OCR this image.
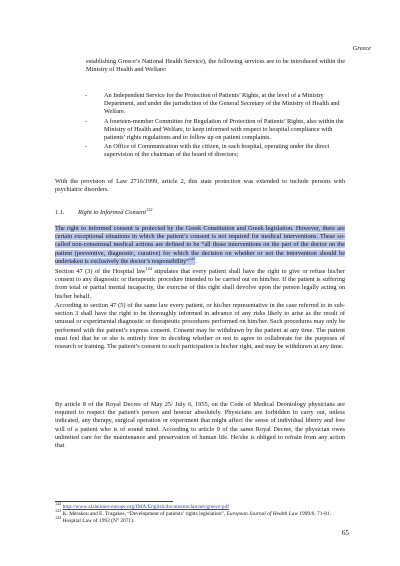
Greece

establishing Greece’s National Health Service), the following services are to be introduced within the Ministry of Health and Welfare:

- An Independent Service for the Protection of Patients’ Rights, at the level of a Ministry Department, and under the jurisdiction of the General Secretary of the Ministry of Health and Welfare.
- A fourteen-member Committee for Regulation of Protection of Patients’ Rights, also within the Ministry of Health and Welfare, to keep informed with respect to hospital compliance with patients’ rights regulations and to follow up on patient complaints.
- An Office of Communication with the citizen, in each hospital, operating under the direct supervision of the chairman of the board of directors;

With the provision of Law 2716/1999, article 2, this state protection was extended to include persons with psychiatric disorders.

1.1. Right to Informed Consent$^{122}$

The right to informed consent is protected by the Greek Constitution and Greek legislation. However, there are certain exceptional situations in which the patient’s consent is not required for medical interventions. These so-called non-consensual medical actions are defined to be “all those interventions on the part of the doctor on the patient (preventive, diagnostic, curative) for which the decision on whether or not the intervention should be undertaken is exclusively the doctor’s responsibility”$^{123}$.

Section 47 (3) of the Hospital law$^{124}$ stipulates that every patient shall have the right to give or refuse his/her consent to any diagnostic or therapeutic procedure intended to be carried out on him/her. If the patient is suffering from total or partial mental incapacity, the exercise of this right shall devolve upon the person legally acting on his/her behalf.

According to section 47 (5) of the same law every patient, or his/her representative in the case referred to in sub-section 3 shall have the right to be thoroughly informed in advance of any risks likely to arise as the result of unusual or experimental diagnostic or therapeutic procedures performed on him/her. Such procedures may only be performed with the patient’s express consent. Consent may be withdrawn by the patient at any time. The patient must feel that he or she is entirely free in deciding whether or not to agree to collaborate for the purposes of research or training. The patient’s consent to such participation is his/her right, and may be withdrawn at any time.

By article 8 of the Royal Decree of May 25/ July 6, 1955, on the Code of Medical Deontology physicians are required to respect the patient's person and honour absolutely. Physicians are forbidden to carry out, unless indicated, any therapy, surgical operation or experiment that might affect the sense of individual liberty and free will of a patient who is of sound mind. According to article 9 of the same Royal Decree, the physician owes unlimited care for the maintenance and preservation of human life. He/she is obliged to refrain from any action that

$^{122}$ http://www.alzheimer-europe.org/IMA/English/documents/lawnet/greece.pdf
$^{123}$ K. Merakou and E. Tragakes, “Development of patients’ rights legislation”, European Journal of Health Law 1999/6, 71-81.
$^{124}$ Hospital Law of 1992 (N° 2071).
65
